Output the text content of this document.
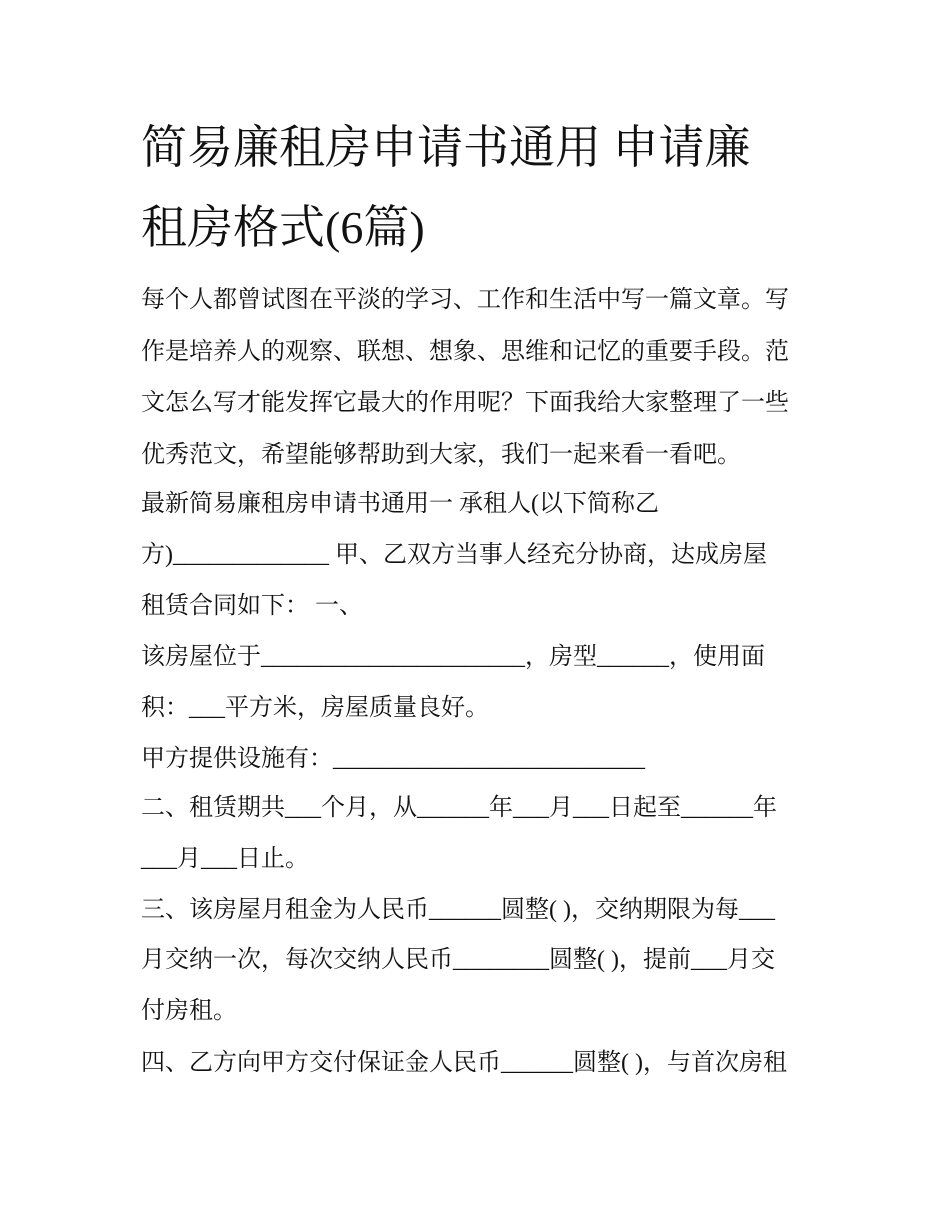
简易廉租房申请书通用 申请廉
租房格式(6篇)
每个人都曾试图在平淡的学习、工作和生活中写一篇文章。写
作是培养人的观察、联想、想象、思维和记忆的重要手段。范
文怎么写才能发挥它最大的作用呢？下面我给大家整理了一些
优秀范文，希望能够帮助到大家，我们一起来看一看吧。
最新简易廉租房申请书通用一 承租人(以下简称乙
方)_____________ 甲、乙双方当事人经充分协商，达成房屋
租赁合同如下： 一、
该房屋位于______________________，房型______，使用面
积：___平方米，房屋质量良好。
甲方提供设施有：__________________________
二、租赁期共___个月，从______年___月___日起至______年
___月___日止。
三、该房屋月租金为人民币______圆整( )，交纳期限为每___
月交纳一次，每次交纳人民币________圆整( )，提前___月交
付房租。
四、乙方向甲方交付保证金人民币______圆整( )，与首次房租
